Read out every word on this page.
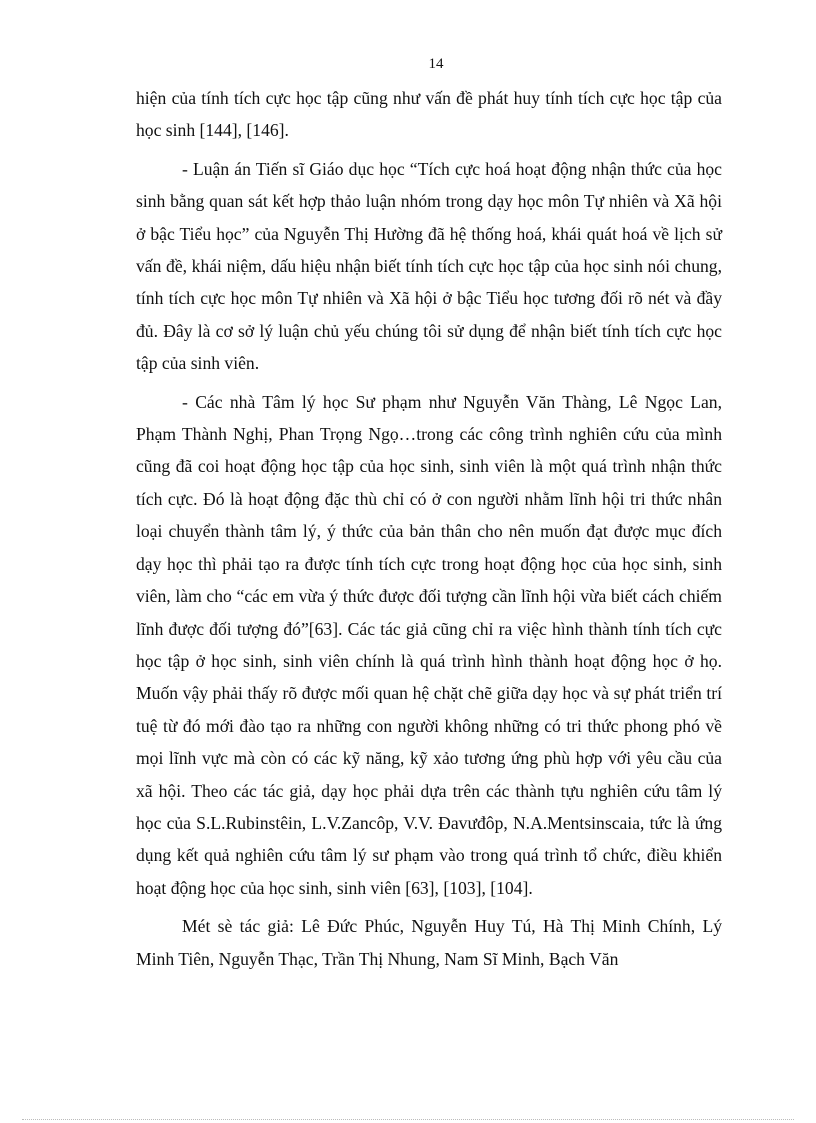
14

hiện của tính tích cực học tập cũng như vấn đề phát huy tính tích cực học tập của học sinh [144], [146].

- Luận án Tiến sĩ Giáo dục học “Tích cực hoá hoạt động nhận thức của học sinh bằng quan sát kết hợp thảo luận nhóm trong dạy học môn Tự nhiên và Xã hội ở bậc Tiểu học” của Nguyễn Thị Hường đã hệ thống hoá, khái quát hoá về lịch sử vấn đề, khái niệm, dấu hiệu nhận biết tính tích cực học tập của học sinh nói chung, tính tích cực học môn Tự nhiên và Xã hội ở bậc Tiểu học tương đối rõ nét và đầy đủ. Đây là cơ sở lý luận chủ yếu chúng tôi sử dụng để nhận biết tính tích cực học tập của sinh viên.

- Các nhà Tâm lý học Sư phạm như Nguyễn Văn Thàng, Lê Ngọc Lan, Phạm Thành Nghị, Phan Trọng Ngọ…trong các công trình nghiên cứu của mình cũng đã coi hoạt động học tập của học sinh, sinh viên là một quá trình nhận thức tích cực. Đó là hoạt động đặc thù chỉ có ở con người nhằm lĩnh hội tri thức nhân loại chuyển thành tâm lý, ý thức của bản thân cho nên muốn đạt được mục đích dạy học thì phải tạo ra được tính tích cực trong hoạt động học của học sinh, sinh viên, làm cho “các em vừa ý thức được đối tượng cần lĩnh hội vừa biết cách chiếm lĩnh được đối tượng đó”[63]. Các tác giả cũng chỉ ra việc hình thành tính tích cực học tập ở học sinh, sinh viên chính là quá trình hình thành hoạt động học ở họ. Muốn vậy phải thấy rõ được mối quan hệ chặt chẽ giữa dạy học và sự phát triển trí tuệ từ đó mới đào tạo ra những con người không những có tri thức phong phó về mọi lĩnh vực mà còn có các kỹ năng, kỹ xảo tương ứng phù hợp với yêu cầu của xã hội. Theo các tác giả, dạy học phải dựa trên các thành tựu nghiên cứu tâm lý học của S.L.Rubinstêin, L.V.Zancôp, V.V. Đavưđôp, N.A.Mentsinscaia, tức là ứng dụng kết quả nghiên cứu tâm lý sư phạm vào trong quá trình tổ chức, điều khiển hoạt động học của học sinh, sinh viên [63], [103], [104].

Mét sè tác giả: Lê Đức Phúc, Nguyễn Huy Tú, Hà Thị Minh Chính, Lý Minh Tiên, Nguyễn Thạc, Trần Thị Nhung, Nam Sĩ Minh, Bạch Văn
